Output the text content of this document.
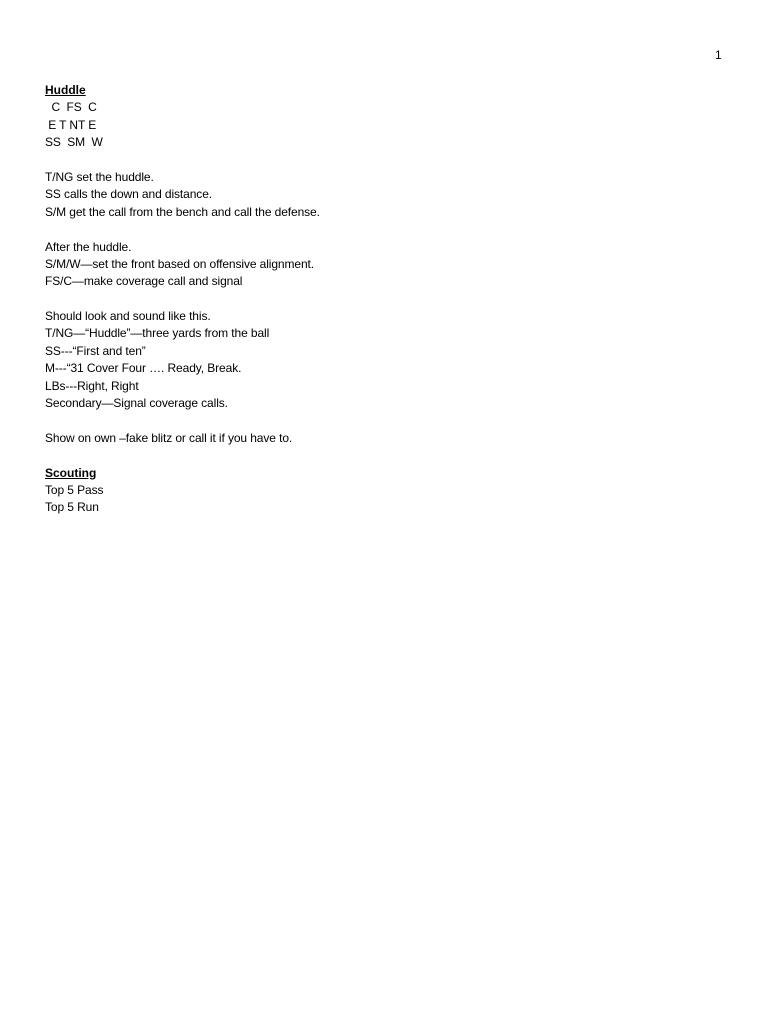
1
Huddle
C  FS  C
E T NT E
SS  SM  W
T/NG set the huddle.
SS calls the down and distance.
S/M get the call from the bench and call the defense.
After the huddle.
S/M/W—set the front based on offensive alignment.
FS/C—make coverage call and signal
Should look and sound like this.
T/NG—“Huddle”—three yards from the ball
SS---“First and ten”
M---“31 Cover Four …. Ready, Break.
LBs---Right, Right
Secondary—Signal coverage calls.
Show on own –fake blitz or call it if you have to.
Scouting
Top 5 Pass
Top 5 Run
